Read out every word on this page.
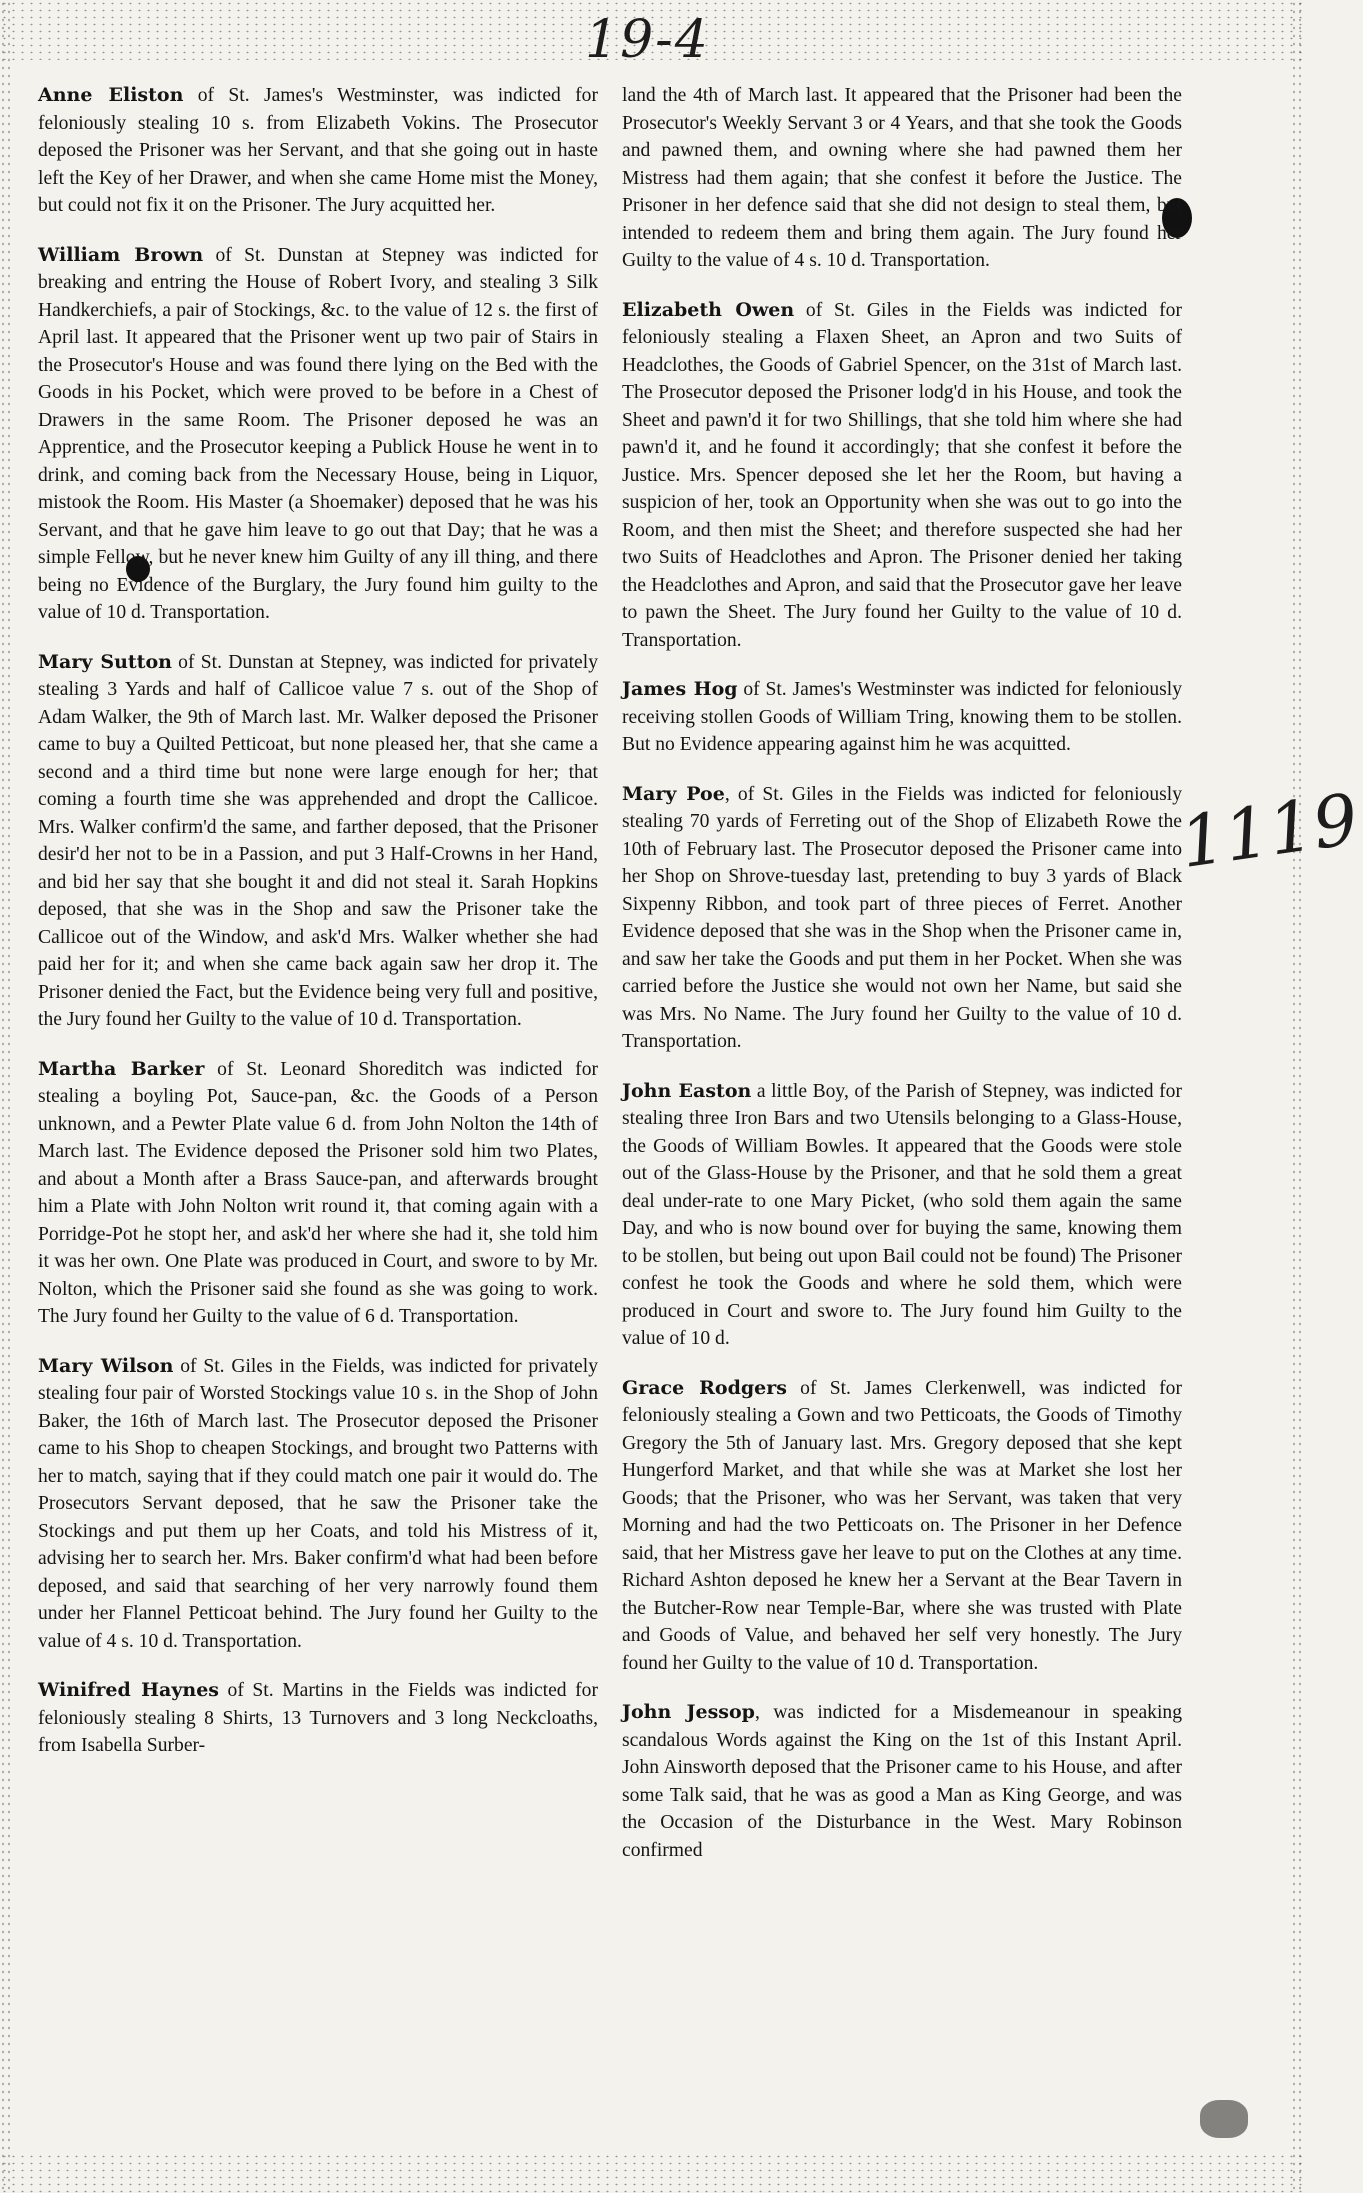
19-4
1119

Anne Eliston of St. James's Westminster, was indicted for feloniously stealing 10 s. from Elizabeth Vokins. The Prosecutor deposed the Prisoner was her Servant, and that she going out in haste left the Key of her Drawer, and when she came Home mist the Money, but could not fix it on the Prisoner. The Jury acquitted her.

William Brown of St. Dunstan at Stepney was indicted for breaking and entring the House of Robert Ivory, and stealing 3 Silk Handkerchiefs, a pair of Stockings, &c. to the value of 12 s. the first of April last. It appeared that the Prisoner went up two pair of Stairs in the Prosecutor's House and was found there lying on the Bed with the Goods in his Pocket, which were proved to be before in a Chest of Drawers in the same Room. The Prisoner deposed he was an Apprentice, and the Prosecutor keeping a Publick House he went in to drink, and coming back from the Necessary House, being in Liquor, mistook the Room. His Master (a Shoemaker) deposed that he was his Servant, and that he gave him leave to go out that Day; that he was a simple Fellow, but he never knew him Guilty of any ill thing, and there being no Evidence of the Burglary, the Jury found him guilty to the value of 10 d. Transportation.

Mary Sutton of St. Dunstan at Stepney, was indicted for privately stealing 3 Yards and half of Callicoe value 7 s. out of the Shop of Adam Walker, the 9th of March last. Mr. Walker deposed the Prisoner came to buy a Quilted Petticoat, but none pleased her, that she came a second and a third time but none were large enough for her; that coming a fourth time she was apprehended and dropt the Callicoe. Mrs. Walker confirm'd the same, and farther deposed, that the Prisoner desir'd her not to be in a Passion, and put 3 Half-Crowns in her Hand, and bid her say that she bought it and did not steal it. Sarah Hopkins deposed, that she was in the Shop and saw the Prisoner take the Callicoe out of the Window, and ask'd Mrs. Walker whether she had paid her for it; and when she came back again saw her drop it. The Prisoner denied the Fact, but the Evidence being very full and positive, the Jury found her Guilty to the value of 10 d. Transportation.

Martha Barker of St. Leonard Shoreditch was indicted for stealing a boyling Pot, Sauce-pan, &c. the Goods of a Person unknown, and a Pewter Plate value 6 d. from John Nolton the 14th of March last. The Evidence deposed the Prisoner sold him two Plates, and about a Month after a Brass Sauce-pan, and afterwards brought him a Plate with John Nolton writ round it, that coming again with a Porridge-Pot he stopt her, and ask'd her where she had it, she told him it was her own. One Plate was produced in Court, and swore to by Mr. Nolton, which the Prisoner said she found as she was going to work. The Jury found her Guilty to the value of 6 d. Transportation.

Mary Wilson of St. Giles in the Fields, was indicted for privately stealing four pair of Worsted Stockings value 10 s. in the Shop of John Baker, the 16th of March last. The Prosecutor deposed the Prisoner came to his Shop to cheapen Stockings, and brought two Patterns with her to match, saying that if they could match one pair it would do. The Prosecutors Servant deposed, that he saw the Prisoner take the Stockings and put them up her Coats, and told his Mistress of it, advising her to search her. Mrs. Baker confirm'd what had been before deposed, and said that searching of her very narrowly found them under her Flannel Petticoat behind. The Jury found her Guilty to the value of 4 s. 10 d. Transportation.

Winifred Haynes of St. Martins in the Fields was indicted for feloniously stealing 8 Shirts, 13 Turnovers and 3 long Neckcloaths, from Isabella Surber-

land the 4th of March last. It appeared that the Prisoner had been the Prosecutor's Weekly Servant 3 or 4 Years, and that she took the Goods and pawned them, and owning where she had pawned them her Mistress had them again; that she confest it before the Justice. The Prisoner in her defence said that she did not design to steal them, but intended to redeem them and bring them again. The Jury found her Guilty to the value of 4 s. 10 d. Transportation.

Elizabeth Owen of St. Giles in the Fields was indicted for feloniously stealing a Flaxen Sheet, an Apron and two Suits of Headclothes, the Goods of Gabriel Spencer, on the 31st of March last. The Prosecutor deposed the Prisoner lodg'd in his House, and took the Sheet and pawn'd it for two Shillings, that she told him where she had pawn'd it, and he found it accordingly; that she confest it before the Justice. Mrs. Spencer deposed she let her the Room, but having a suspicion of her, took an Opportunity when she was out to go into the Room, and then mist the Sheet; and therefore suspected she had her two Suits of Headclothes and Apron. The Prisoner denied her taking the Headclothes and Apron, and said that the Prosecutor gave her leave to pawn the Sheet. The Jury found her Guilty to the value of 10 d. Transportation.

James Hog of St. James's Westminster was indicted for feloniously receiving stollen Goods of William Tring, knowing them to be stollen. But no Evidence appearing against him he was acquitted.

Mary Poe, of St. Giles in the Fields was indicted for feloniously stealing 70 yards of Ferreting out of the Shop of Elizabeth Rowe the 10th of February last. The Prosecutor deposed the Prisoner came into her Shop on Shrove-tuesday last, pretending to buy 3 yards of Black Sixpenny Ribbon, and took part of three pieces of Ferret. Another Evidence deposed that she was in the Shop when the Prisoner came in, and saw her take the Goods and put them in her Pocket. When she was carried before the Justice she would not own her Name, but said she was Mrs. No Name. The Jury found her Guilty to the value of 10 d. Transportation.

John Easton a little Boy, of the Parish of Stepney, was indicted for stealing three Iron Bars and two Utensils belonging to a Glass-House, the Goods of William Bowles. It appeared that the Goods were stole out of the Glass-House by the Prisoner, and that he sold them a great deal under-rate to one Mary Picket, (who sold them again the same Day, and who is now bound over for buying the same, knowing them to be stollen, but being out upon Bail could not be found) The Prisoner confest he took the Goods and where he sold them, which were produced in Court and swore to. The Jury found him Guilty to the value of 10 d.

Grace Rodgers of St. James Clerkenwell, was indicted for feloniously stealing a Gown and two Petticoats, the Goods of Timothy Gregory the 5th of January last. Mrs. Gregory deposed that she kept Hungerford Market, and that while she was at Market she lost her Goods; that the Prisoner, who was her Servant, was taken that very Morning and had the two Petticoats on. The Prisoner in her Defence said, that her Mistress gave her leave to put on the Clothes at any time. Richard Ashton deposed he knew her a Servant at the Bear Tavern in the Butcher-Row near Temple-Bar, where she was trusted with Plate and Goods of Value, and behaved her self very honestly. The Jury found her Guilty to the value of 10 d. Transportation.

John Jessop, was indicted for a Misdemeanour in speaking scandalous Words against the King on the 1st of this Instant April. John Ainsworth deposed that the Prisoner came to his House, and after some Talk said, that he was as good a Man as King George, and was the Occasion of the Disturbance in the West. Mary Robinson confirmed
